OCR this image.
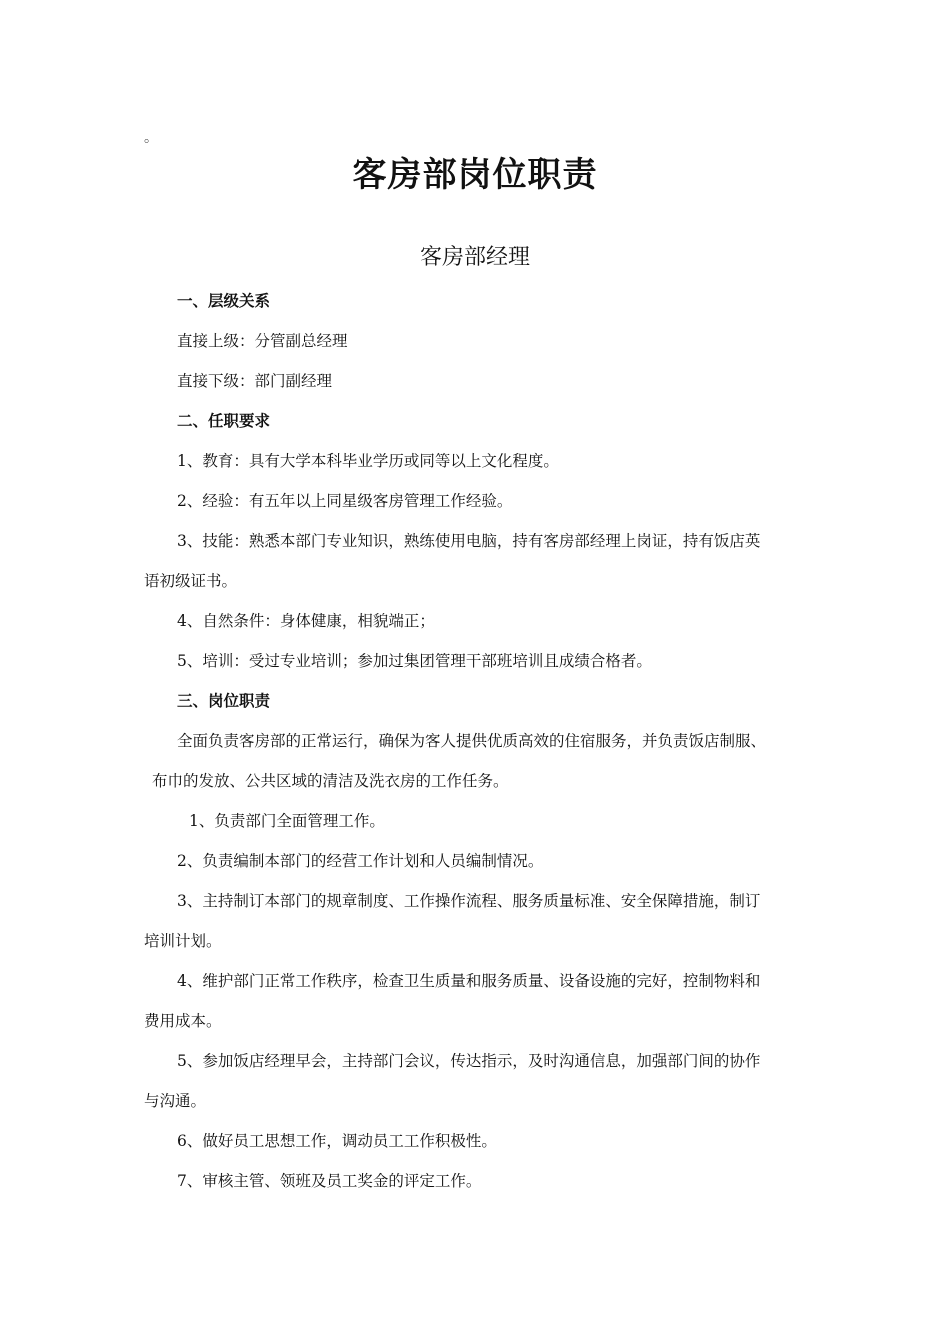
。
客房部岗位职责
客房部经理
一、层级关系
直接上级：分管副总经理
直接下级：部门副经理
二、任职要求
1、教育：具有大学本科毕业学历或同等以上文化程度。
2、经验：有五年以上同星级客房管理工作经验。
3、技能：熟悉本部门专业知识，熟练使用电脑，持有客房部经理上岗证，持有饭店英
语初级证书。
4、自然条件：身体健康，相貌端正；
5、培训：受过专业培训；参加过集团管理干部班培训且成绩合格者。
三、岗位职责
全面负责客房部的正常运行，确保为客人提供优质高效的住宿服务，并负责饭店制服、
布巾的发放、公共区域的清洁及洗衣房的工作任务。
1、负责部门全面管理工作。
2、负责编制本部门的经营工作计划和人员编制情况。
3、主持制订本部门的规章制度、工作操作流程、服务质量标准、安全保障措施，制订
培训计划。
4、维护部门正常工作秩序，检查卫生质量和服务质量、设备设施的完好，控制物料和
费用成本。
5、参加饭店经理早会，主持部门会议，传达指示，及时沟通信息，加强部门间的协作
与沟通。
6、做好员工思想工作，调动员工工作积极性。
7、审核主管、领班及员工奖金的评定工作。
